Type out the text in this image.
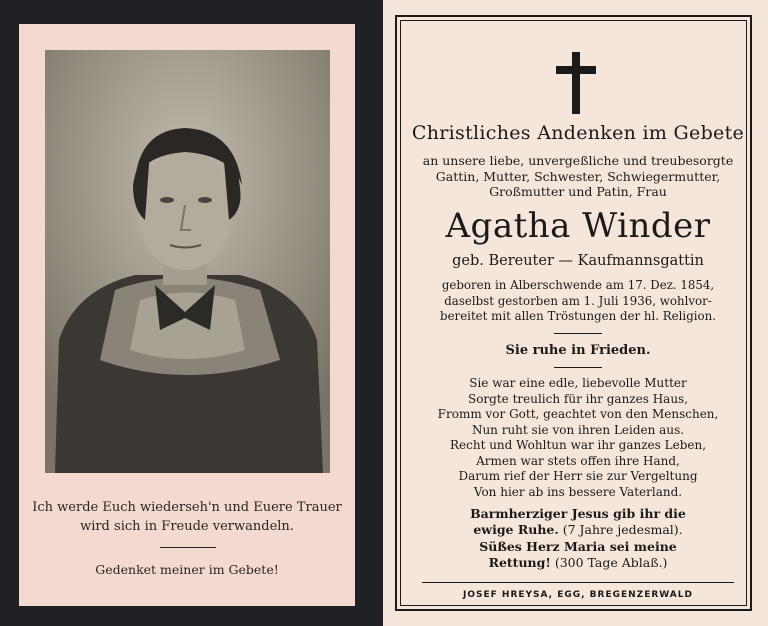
Ich werde Euch wiederseh'n und Euere Trauer
wird sich in Freude verwandeln.
Gedenket meiner im Gebete!
Christliches Andenken im Gebete
an unsere liebe, unvergeßliche und treubesorgte
Gattin, Mutter, Schwester, Schwiegermutter,
Großmutter und Patin, Frau
Agatha Winder
geb. Bereuter — Kaufmannsgattin
geboren in Alberschwende am 17. Dez. 1854,
daselbst gestorben am 1. Juli 1936, wohlvor-
bereitet mit allen Tröstungen der hl. Religion.
Sie ruhe in Frieden.
Sie war eine edle, liebevolle Mutter
Sorgte treulich für ihr ganzes Haus,
Fromm vor Gott, geachtet von den Menschen,
Nun ruht sie von ihren Leiden aus.
Recht und Wohltun war ihr ganzes Leben,
Armen war stets offen ihre Hand,
Darum rief der Herr sie zur Vergeltung
Von hier ab ins bessere Vaterland.
Barmherziger Jesus gib ihr die
ewige Ruhe. (7 Jahre jedesmal).
Süßes Herz Maria sei meine
Rettung! (300 Tage Ablaß.)
JOSEF HREYSA, EGG, BREGENZERWALD
